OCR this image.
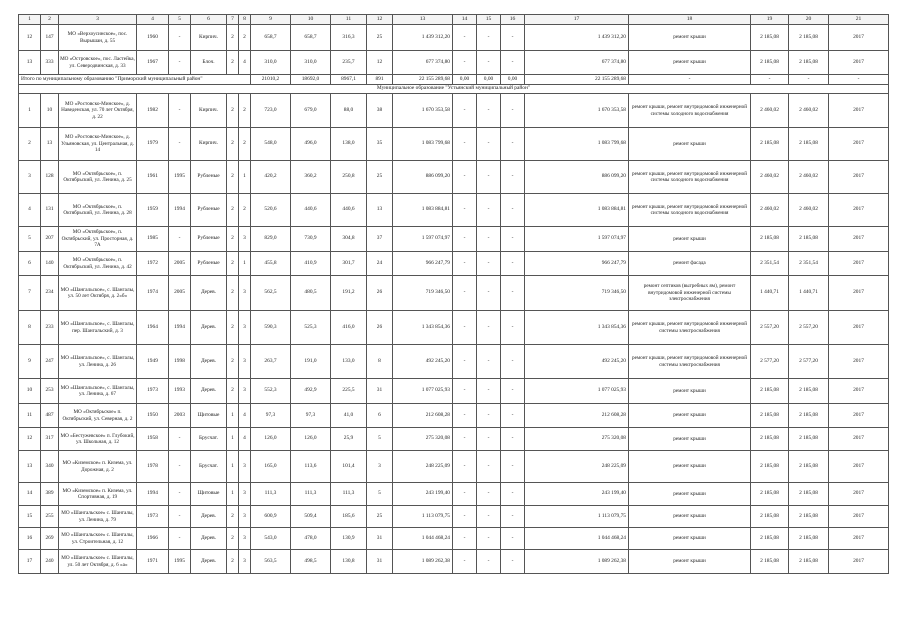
1	2	3	4	5	6	7	8	9	10	11	12	13	14	15	16	17	18	19	20	21
12	147	МО «Верхоусинское», пос. Вырышан, д. 55	1960	-	Кирпич.	2	2	658,7	658,7	316,3	25	1 439 312,20	-	-	-	1 439 312,20	ремонт крыши	2 185,08	2 185,08	2017
13	333	МО «Островское», пос. Ластейка, ул. Северодвинская, д. 33	1967	-	Блоч.	2	4	310,0	310,0	235,7	12	677 374,80	-	-	-	677 374,80	ремонт крыши	2 185,08	2 185,08	2017
Итого по муниципальному образованию "Приморский муниципальный район"								21010,2	18692,0	8967,1	891	22 155 289,68	0,00	0,00	0,00	22 155 289,68	-	-	-	-
Муниципальное образование "Устьянский муниципальный район"																				
1	10	МО «Ростовско-Минское», д. Наведенская, ул. 70 лет Октября, д. 22	1982	-	Кирпич.	2	2	723,0	679,0	88,0	38	1 670 353,58	-	-	-	1 670 353,58	ремонт крыши, ремонт внутридомовой инженерной системы холодного водоснабжения	2 460,02	2 460,02	2017
2	13	МО «Ростовско-Минское», д. Ульяновская, ул. Центральная, д. 14	1979	-	Кирпич.	2	2	548,0	496,0	138,0	35	1 083 799,68	-	-	-	1 083 799,68	ремонт крыши	2 185,08	2 185,08	2017
3	128	МО «Октябрьское», п. Октябрьский, ул. Ленина, д. 25	1961	1995	Рубленые	2	1	420,2	360,2	250,8	25	886 099,20	-	-	-	886 099,20	ремонт крыши, ремонт внутридомовой инженерной системы холодного водоснабжения	2 460,02	2 460,02	2017
4	131	МО «Октябрьское», п. Октябрьский, ул. Ленина, д. 28	1959	1994	Рубленые	2	2	520,6	440,6	440,6	13	1 083 884,81	-	-	-	1 083 884,81	ремонт крыши, ремонт внутридомовой инженерной системы холодного водоснабжения	2 460,02	2 460,02	2017
5	207	МО «Октябрьское», п. Октябрьский, ул. Просторная, д. 7А	1985	-	Рубленые	2	3	829,0	730,9	304,8	37	1 597 074,97	-	-	-	1 597 074,97	ремонт крыши	2 185,08	2 185,08	2017
6	140	МО «Октябрьское», п. Октябрьский, ул. Ленина, д. 42	1972	2005	Рубленые	2	1	455,8	410,9	301,7	24	966 247,79	-	-	-	966 247,79	ремонт фасада	2 351,54	2 351,54	2017
7	234	МО «Шангальское», с. Шангалы, ул. 50 лет Октября, д. 2«б»	1974	2005	Дерев.	2	3	562,5	480,5	191,2	26	719 346,50	-	-	-	719 346,50	ремонт септиков (выгребных ям), ремонт внутридомовой инженерной системы электроснабжения	1 440,71	1 440,71	2017
8	233	МО «Шангальское», с. Шангалы, пер. Шангальский, д. 3	1964	1994	Дерев.	2	3	590,3	525,3	416,0	26	1 343 854,36	-	-	-	1 343 854,36	ремонт крыши, ремонт внутридомовой инженерной системы электроснабжения	2 557,20	2 557,20	2017
9	247	МО «Шангальское», с. Шангалы, ул. Ленина, д. 26	1949	1998	Дерев.	2	3	263,7	191,0	133,0	8	492 245,20	-	-	-	492 245,20	ремонт крыши, ремонт внутридомовой инженерной системы электроснабжения	2 577,20	2 577,20	2017
10	253	МО «Шангальское», с. Шангалы, ул. Ленина, д. 67	1973	1993	Дерев.	2	3	552,3	492,9	225,5	31	1 077 025,93	-	-	-	1 077 025,93	ремонт крыши	2 185,08	2 185,08	2017
11	487	МО «Октябрьское» п. Октябрьский, ул. Северная, д. 2	1950	2003	Щитовые	1	4	97,3	97,3	41,0	6	212 608,28	-	-	-	212 608,28	ремонт крыши	2 185,08	2 185,08	2017
12	317	МО «Бестужевское» п. Глубокий, ул. Школьная, д. 12	1958	-	Брусчат.	1	4	126,0	126,0	25,9	5	275 320,08	-	-	-	275 320,08	ремонт крыши	2 185,08	2 185,08	2017
13	340	МО «Киземское» п. Кизема, ул. Дорожная, д. 2	1978	-	Брусчат.	1	3	165,0	113,6	101,4	3	248 225,09	-	-	-	248 225,09	ремонт крыши	2 185,08	2 185,08	2017
14	389	МО «Киземское» п. Кизема, ул. Спортивная, д. 19	1994	-	Щитовые	1	3	111,3	111,3	111,3	5	243 199,40	-	-	-	243 199,40	ремонт крыши	2 185,08	2 185,08	2017
15	255	МО «Шангальское» с. Шангалы, ул. Ленина, д. 79	1973	-	Дерев.	2	3	600,9	509,4	185,6	25	1 113 079,75	-	-	-	1 113 079,75	ремонт крыши	2 185,08	2 185,08	2017
16	269	МО «Шангальское» с. Шангалы, ул. Строительная, д. 12	1966	-	Дерев.	2	3	543,0	478,0	130,9	31	1 044 468,24	-	-	-	1 044 468,24	ремонт крыши	2 185,08	2 185,08	2017
17	240	МО «Шангальское» с. Шангалы, ул. 50 лет Октября, д. 6 «а»	1971	1995	Дерев.	2	3	563,5	498,5	130,8	31	1 089 262,38	-	-	-	1 089 262,38	ремонт крыши	2 185,08	2 185,08	2017
